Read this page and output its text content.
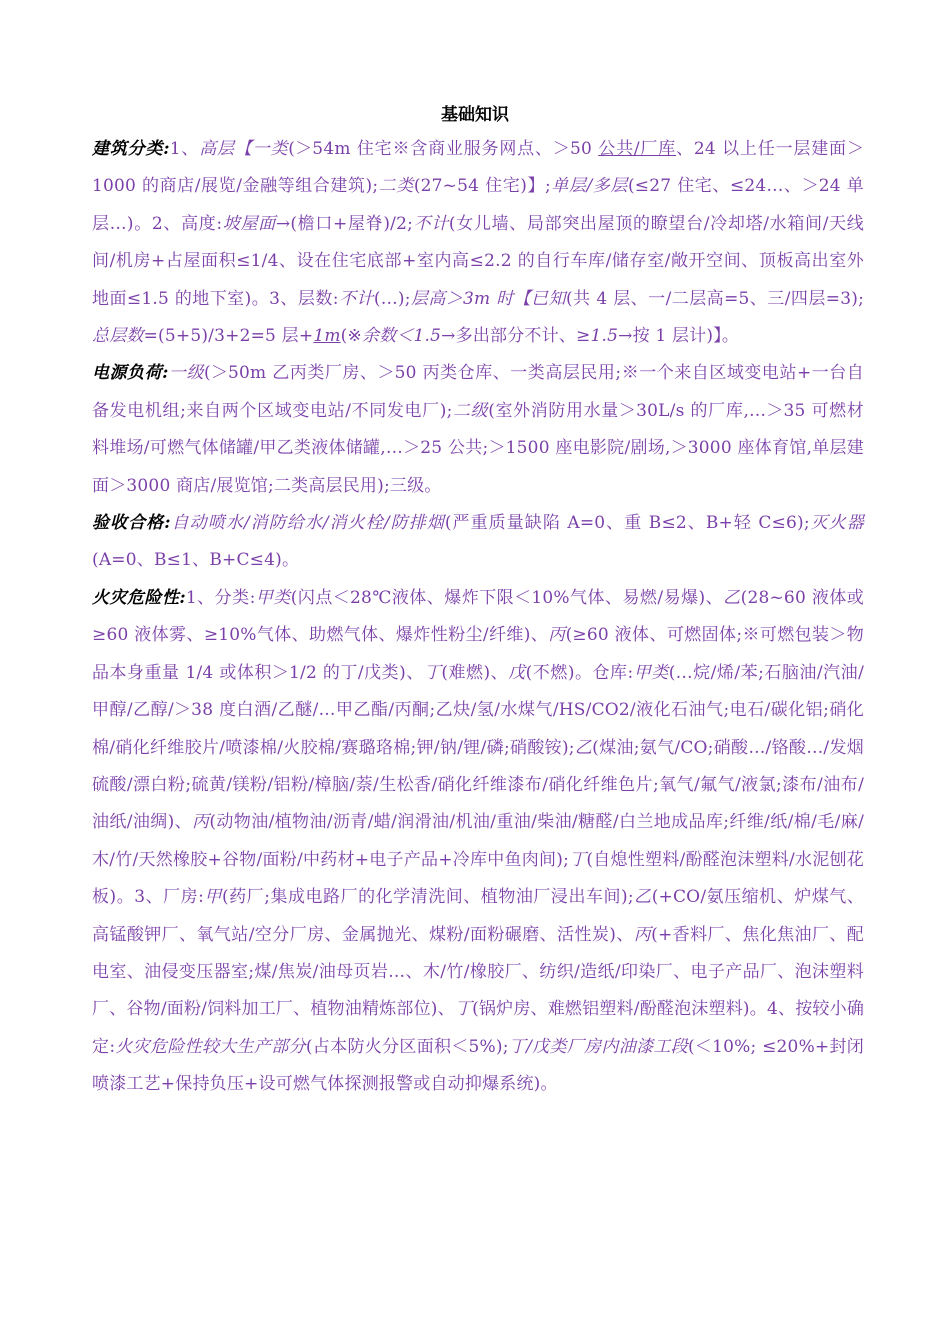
基础知识

建筑分类:1、高层【一类(＞54m 住宅※含商业服务网点、＞50 公共/厂库、24 以上任一层建面＞1000 的商店/展览/金融等组合建筑);二类(27~54 住宅)】;单层/多层(≤27 住宅、≤24…、＞24 单层…)。2、高度:坡屋面→(檐口+屋脊)/2;不计(女儿墙、局部突出屋顶的瞭望台/冷却塔/水箱间/天线间/机房+占屋面积≤1/4、设在住宅底部+室内高≤2.2 的自行车库/储存室/敞开空间、顶板高出室外地面≤1.5 的地下室)。3、层数:不计(…);层高＞3m 时【已知(共 4 层、一/二层高=5、三/四层=3);总层数=(5+5)/3+2=5 层+1m(※余数＜1.5→多出部分不计、≥1.5→按 1 层计)】。

电源负荷:一级(＞50m 乙丙类厂房、＞50 丙类仓库、一类高层民用;※一个来自区域变电站+一台自备发电机组;来自两个区域变电站/不同发电厂);二级(室外消防用水量＞30L/s 的厂库,…＞35 可燃材料堆场/可燃气体储罐/甲乙类液体储罐,…＞25 公共;＞1500 座电影院/剧场,＞3000 座体育馆,单层建面＞3000 商店/展览馆;二类高层民用);三级。

验收合格:自动喷水/消防给水/消火栓/防排烟(严重质量缺陷 A=0、重 B≤2、B+轻 C≤6);灭火器(A=0、B≤1、B+C≤4)。

火灾危险性:1、分类:甲类(闪点＜28℃液体、爆炸下限＜10%气体、易燃/易爆)、乙(28~60 液体或≥60 液体雾、≥10%气体、助燃气体、爆炸性粉尘/纤维)、丙(≥60 液体、可燃固体;※可燃包装＞物品本身重量 1/4 或体积＞1/2 的丁/戊类)、丁(难燃)、戊(不燃)。仓库:甲类(…烷/烯/苯;石脑油/汽油/甲醇/乙醇/＞38 度白酒/乙醚/…甲乙酯/丙酮;乙炔/氢/水煤气/HS/CO2/液化石油气;电石/碳化铝;硝化棉/硝化纤维胶片/喷漆棉/火胶棉/赛璐珞棉;钾/钠/锂/磷;硝酸铵);乙(煤油;氨气/CO;硝酸…/铬酸…/发烟硫酸/漂白粉;硫黄/镁粉/铝粉/樟脑/萘/生松香/硝化纤维漆布/硝化纤维色片;氧气/氟气/液氯;漆布/油布/油纸/油绸)、丙(动物油/植物油/沥青/蜡/润滑油/机油/重油/柴油/糖醛/白兰地成品库;纤维/纸/棉/毛/麻/木/竹/天然橡胶+谷物/面粉/中药材+电子产品+冷库中鱼肉间);丁(自熄性塑料/酚醛泡沫塑料/水泥刨花板)。3、厂房:甲(药厂;集成电路厂的化学清洗间、植物油厂浸出车间);乙(+CO/氨压缩机、炉煤气、高锰酸钾厂、氧气站/空分厂房、金属抛光、煤粉/面粉碾磨、活性炭)、丙(+香料厂、焦化焦油厂、配电室、油侵变压器室;煤/焦炭/油母页岩…、木/竹/橡胶厂、纺织/造纸/印染厂、电子产品厂、泡沫塑料厂、谷物/面粉/饲料加工厂、植物油精炼部位)、丁(锅炉房、难燃铝塑料/酚醛泡沫塑料)。4、按较小确定:火灾危险性较大生产部分(占本防火分区面积＜5%);丁/戊类厂房内油漆工段(＜10%; ≤20%+封闭喷漆工艺+保持负压+设可燃气体探测报警或自动抑爆系统)。
